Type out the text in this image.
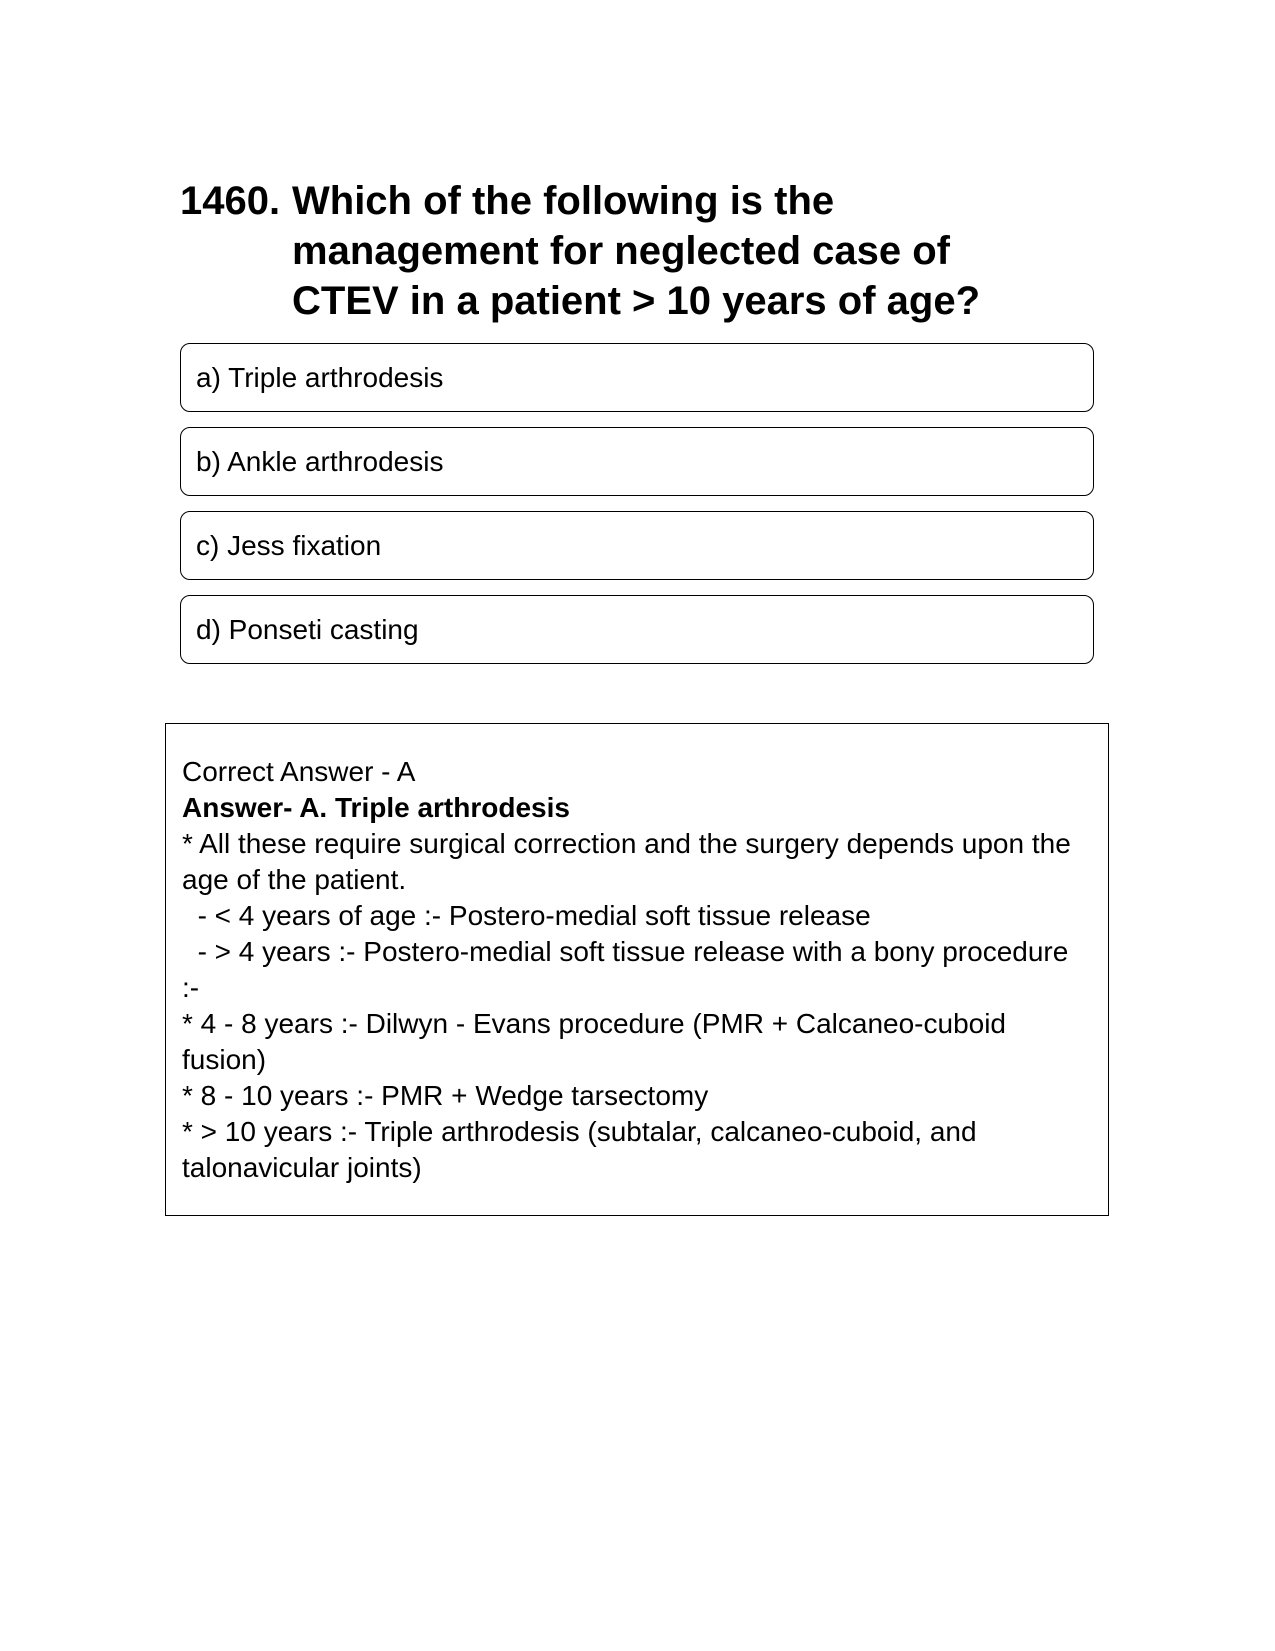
1460. Which of the following is the
management for neglected case of
CTEV in a patient > 10 years of age?
a) Triple arthrodesis
b) Ankle arthrodesis
c) Jess fixation
d) Ponseti casting

Correct Answer - A

Answer- A. Triple arthrodesis

* All these require surgical correction and the surgery depends upon the age of the patient.

- < 4 years of age :- Postero-medial soft tissue release

- > 4 years :- Postero-medial soft tissue release with a bony procedure :-

* 4 - 8 years :- Dilwyn - Evans procedure (PMR + Calcaneo-cuboid fusion)

* 8 - 10 years :- PMR + Wedge tarsectomy

* > 10 years :- Triple arthrodesis (subtalar, calcaneo-cuboid, and talonavicular joints)
